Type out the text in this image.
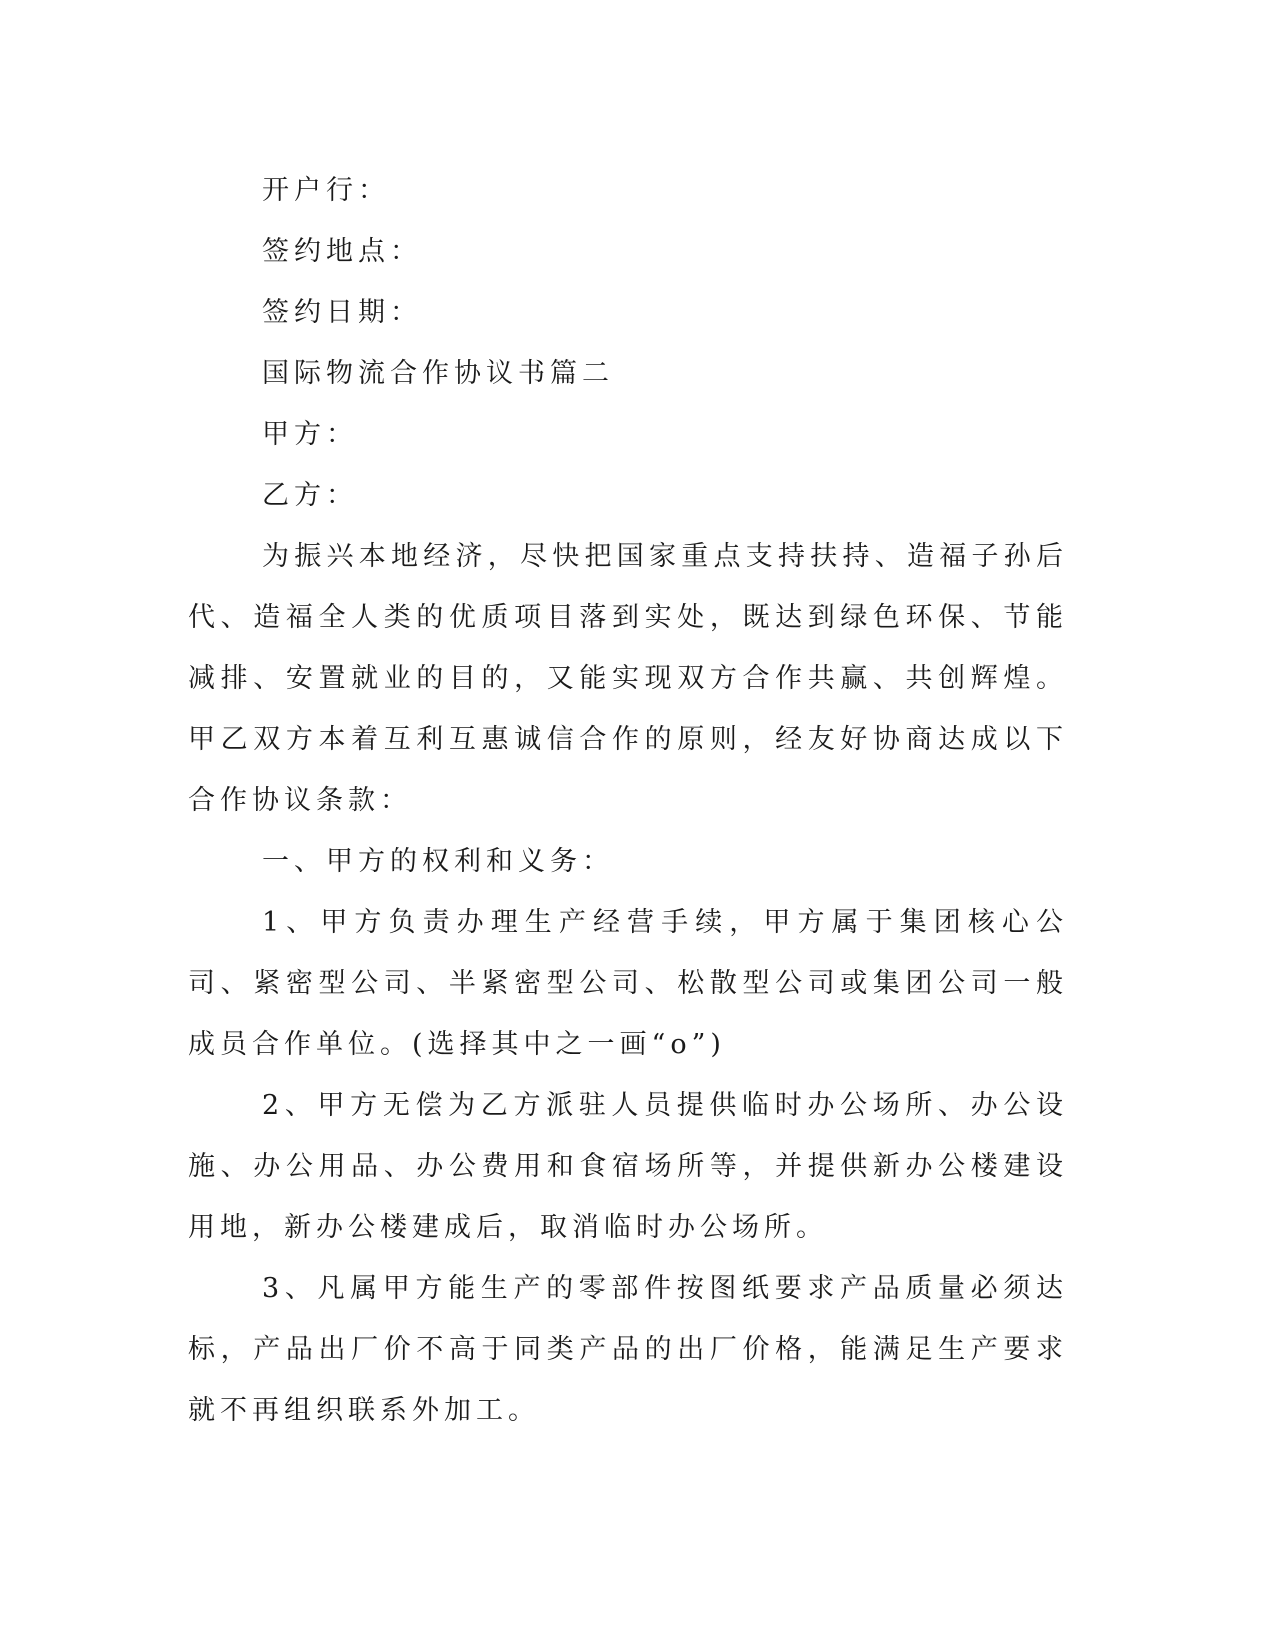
开户行：
签约地点：
签约日期：
国际物流合作协议书篇二
甲方：
乙方：

为振兴本地经济，尽快把国家重点支持扶持、造福子孙后代、造福全人类的优质项目落到实处，既达到绿色环保、节能减排、安置就业的目的，又能实现双方合作共赢、共创辉煌。甲乙双方本着互利互惠诚信合作的原则，经友好协商达成以下合作协议条款：

一、甲方的权利和义务：

1、甲方负责办理生产经营手续，甲方属于集团核心公司、紧密型公司、半紧密型公司、松散型公司或集团公司一般成员合作单位。(选择其中之一画“o”)

2、甲方无偿为乙方派驻人员提供临时办公场所、办公设施、办公用品、办公费用和食宿场所等，并提供新办公楼建设用地，新办公楼建成后，取消临时办公场所。

3、凡属甲方能生产的零部件按图纸要求产品质量必须达标，产品出厂价不高于同类产品的出厂价格，能满足生产要求就不再组织联系外加工。
